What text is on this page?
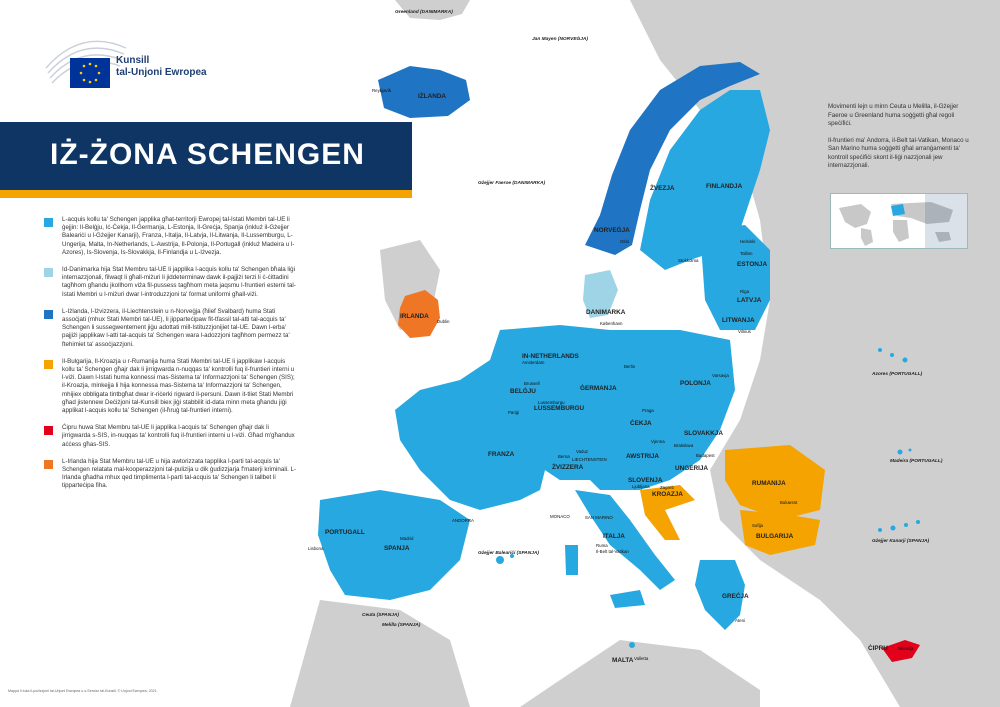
IŻLANDA
NORVEĠJA
ŻVEZJA	FINLANDJA
ESTONJA
LATVJA
LITWANJA
DANIMARKA
IRLANDA
IN-NETHERLANDS
BELĠJU
LUSSEMBURGU
ĠERMANJA
POLONJA
ĊEKJA
SLOVAKKJA
AWSTRIJA
UNGERIJA
FRANZA
ŻVIZZERA
SLOVENJA
KROAZJA
RUMANIJA
BULGARIJA
ITALJA
SPANJA
PORTUGALL
GREĊJA
MALTA
ĊIPRU
ANDORRA
MONACO	SAN MARINO
Il-Belt tal-Vatikan
LIECHTENSTEIN
Reykjavík
Oslo
Stokkolma
Helsinki
Tallinn
Riga
Vilnius
København
Dublin
Amsterdam
Brussell
Lussemburgu
Berlin
Varsavja
Praga
Bratislava
Vjenna
Budapest
Pariġi
Berna
Vaduz
Ljubljana Zagreb
Bukarest
Sofija
Ruma
Madrid
Lisbona
Ateni
Valletta
Nikosija
Greenland (DANIMARKA)
Jan Mayen (NORVEĠJA)
Gżejjer Faeroe (DANIMARKA)
Azores (PORTUGALL)
Madeira (PORTUGALL)
Gżejjer Kanarji (SPANJA)
Gżejjer Baleariċi (SPANJA)
Ceuta (SPANJA)
Melilla (SPANJA)
Kunsill
tal-Unjoni Ewropea
IŻ-ŻONA SCHENGEN
L-acquis kollu ta' Schengen japplika għat-territorji Ewropej tal-Istati Membri tal-UE li ġejjin: Il-Belġju, Iċ-Ċekja, Il-Ġermanja, L-Estonja, Il-Greċja, Spanja (inkluż il-Gżejjer Baleariċi u l-Gżejjer Kanarji), Franza, l-Italja, Il-Latvja, Il-Litwanja, Il-Lussemburgu, L-Ungerija, Malta, In-Netherlands, L-Awstrija, Il-Polonja, Il-Portugall (inkluż Madeira u l-Azores), Is-Slovenja, Is-Slovakkja, Il-Finlandja u L-Iżvezja.
Id-Danimarka hija Stat Membru tal-UE li japplika l-acquis kollu ta' Schengen bħala liġi internazzjonali, filwaqt li għall-miżuri li jiddeterminaw dawk il-pajjiżi terzi li ċ-ċittadini tagħhom għandu jkollhom viża fil-pussess tagħhom meta jaqsmu l-fruntieri esterni tal-Istati Membri u l-miżuri dwar l-introduzzjoni ta' format uniformi għall-viżi.
L-Iżlanda, l-Iżvizzera, il-Liechtenstein u n-Norveġja (ħlief Svalbard) huma Stati assoċjati (mhux Stati Membri tal-UE), li jipparteċipaw fit-tfassil tal-atti tal-acquis ta' Schengen li sussegwentement jiġu adottati mill-Istituzzjonijiet tal-UE. Dawn l-erba' pajjiżi japplikaw l-atti tal-acquis ta' Schengen wara l-adozzjoni tagħhom permezz ta' ftehimiet ta' assoċjazzjoni.
Il-Bulgarija, Il-Kroazja u r-Rumanija huma Stati Membri tal-UE li japplikaw l-acquis kollu ta' Schengen għajr dak li jirrigwarda n-nuqqas ta' kontrolli fuq il-fruntieri interni u l-viżi. Dawn l-Istati huma konnessi mas-Sistema ta' Informazzjoni ta' Schengen (SIS); il-Kroazja, minkejja li hija konnessa mas-Sistema ta' Informazzjoni ta' Schengen, mhijiex obbligata tintbgħat dwar ir-riċerki rigward il-persuni. Dawn it-tliet Stati Membri għad jistennew Deċiżjoni tal-Kunsill biex jiġi stabbilit id-data minn meta għandu jiġi applikat l-acquis kollu ta' Schengen (il-ħruġ tal-fruntieri interni).
Ċipru huwa Stat Membru tal-UE li japplika l-acquis ta' Schengen għajr dak li jirrigwarda s-SIS, in-nuqqas ta' kontrolli fuq il-fruntieri interni u l-viżi. Għad m'għandux aċċess għas-SIS.
L-Irlanda hija Stat Membru tal-UE u hija awtorizzata tapplika l-parti tal-acquis ta' Schengen relatata mal-kooperazzjoni tal-pulizija u dik ġudizzjarja f'materji kriminali. L-Irlanda għadha mhux qed timplimenta l-parti tal-acquis ta' Schengen li tallbet li tipparteċipa fiha.

Movimenti lejn u minn Ceuta u Melilla, il-Gżejjer Faeroe u Greenland huma soġġetti għal regoli speċifiċi.

Il-fruntieri ma' Andorra, il-Belt tal-Vatikan, Monaco u San Marino huma soġġetti għal arranġamenti ta' kontroll speċifiċi skont il-liġi nazzjonali jew internazzjonali.

Mappa li tuża il-pożizzjoni tal-Unjoni Ewropea u s-Servizz tal-Kunsill. © Unjoni Ewropea, 2021.
